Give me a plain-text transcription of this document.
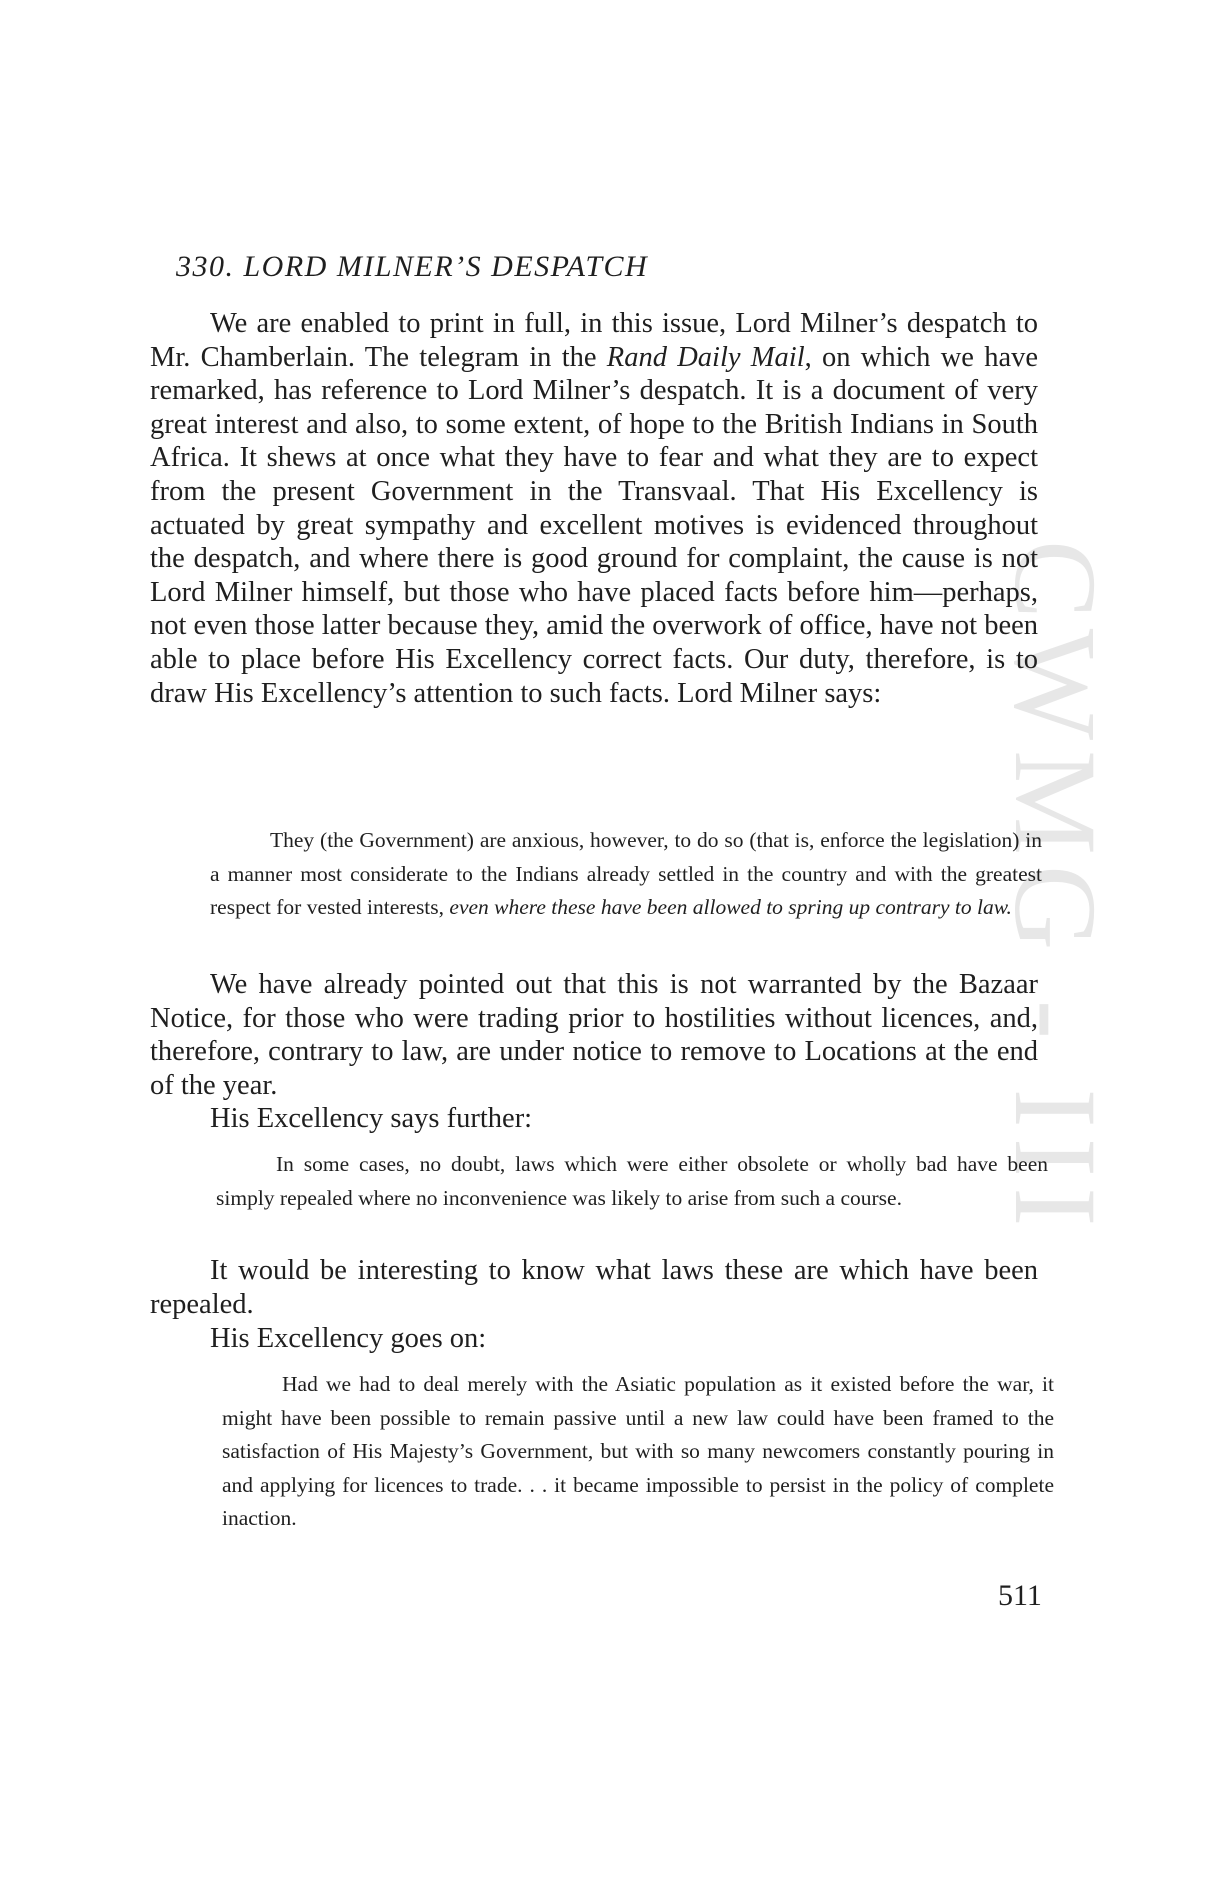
CWMG - III
330. LORD MILNER’S DESPATCH

We are enabled to print in full, in this issue, Lord Milner’s despatch to Mr. Chamberlain. The telegram in the Rand Daily Mail, on which we have remarked, has reference to Lord Milner’s despatch. It is a document of very great interest and also, to some extent, of hope to the British Indians in South Africa. It shews at once what they have to fear and what they are to expect from the present Government in the Transvaal. That His Excellency is actuated by great sympathy and excellent motives is evidenced throughout the despatch, and where there is good ground for complaint, the cause is not Lord Milner himself, but those who have placed facts before him—perhaps, not even those latter because they, amid the overwork of office, have not been able to place before His Excellency correct facts. Our duty, therefore, is to draw His Excellency’s attention to such facts. Lord Milner says:

They (the Government) are anxious, however, to do so (that is, enforce the legislation) in a manner most considerate to the Indians already settled in the country and with the greatest respect for vested interests, even where these have been allowed to spring up contrary to law.

We have already pointed out that this is not warranted by the Bazaar Notice, for those who were trading prior to hostilities without licences, and, therefore, contrary to law, are under notice to remove to Locations at the end of the year.

His Excellency says further:

In some cases, no doubt, laws which were either obsolete or wholly bad have been simply repealed where no inconvenience was likely to arise from such a course.

It would be interesting to know what laws these are which have been repealed.

His Excellency goes on:

Had we had to deal merely with the Asiatic population as it existed before the war, it might have been possible to remain passive until a new law could have been framed to the satisfaction of His Majesty’s Government, but with so many newcomers constantly pouring in and applying for licences to trade. . . it became impossible to persist in the policy of complete inaction.

511
